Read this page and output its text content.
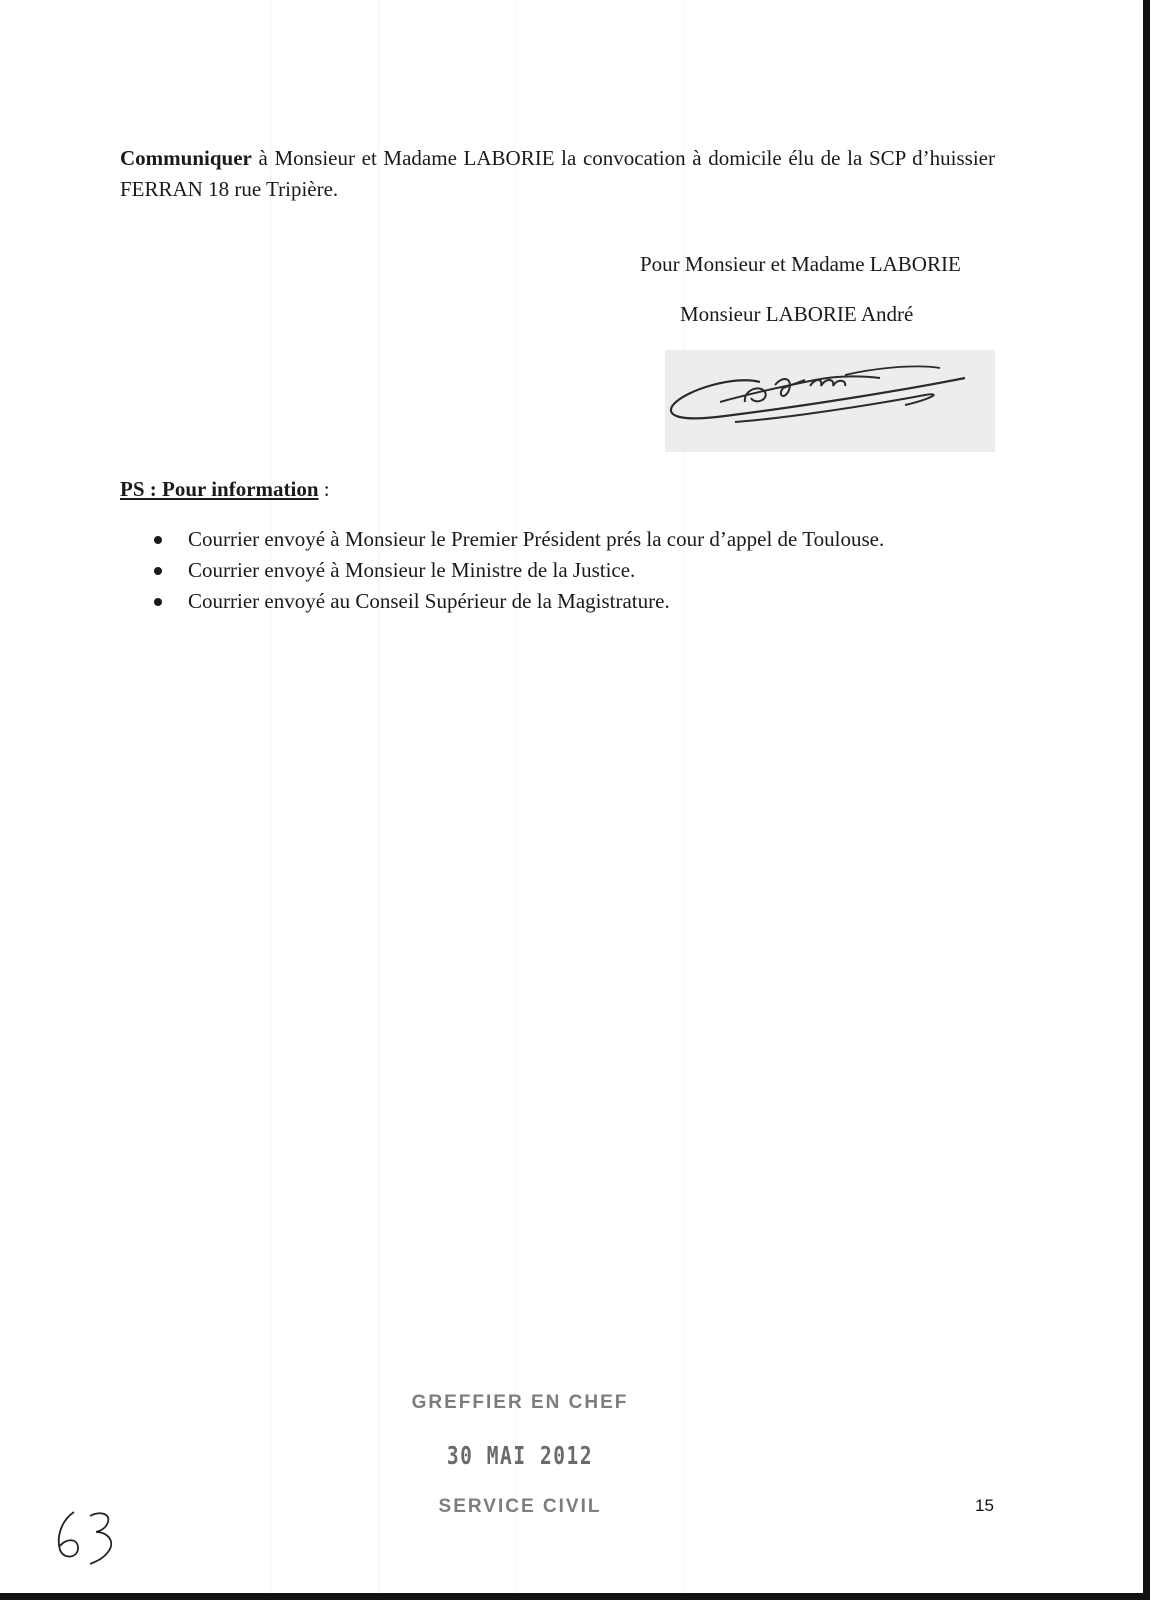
Communiquer à Monsieur et Madame LABORIE la convocation à domicile élu de la SCP d’huissier FERRAN 18 rue Tripière.

Pour Monsieur et Madame LABORIE

Monsieur LABORIE André

PS : Pour information :

Courrier envoyé à Monsieur le Premier Président prés la cour d’appel de Toulouse.
Courrier envoyé à Monsieur le Ministre de la Justice.
Courrier envoyé au Conseil Supérieur de la Magistrature.

GREFFIER EN CHEF

30 MAI 2012

SERVICE CIVIL	15
